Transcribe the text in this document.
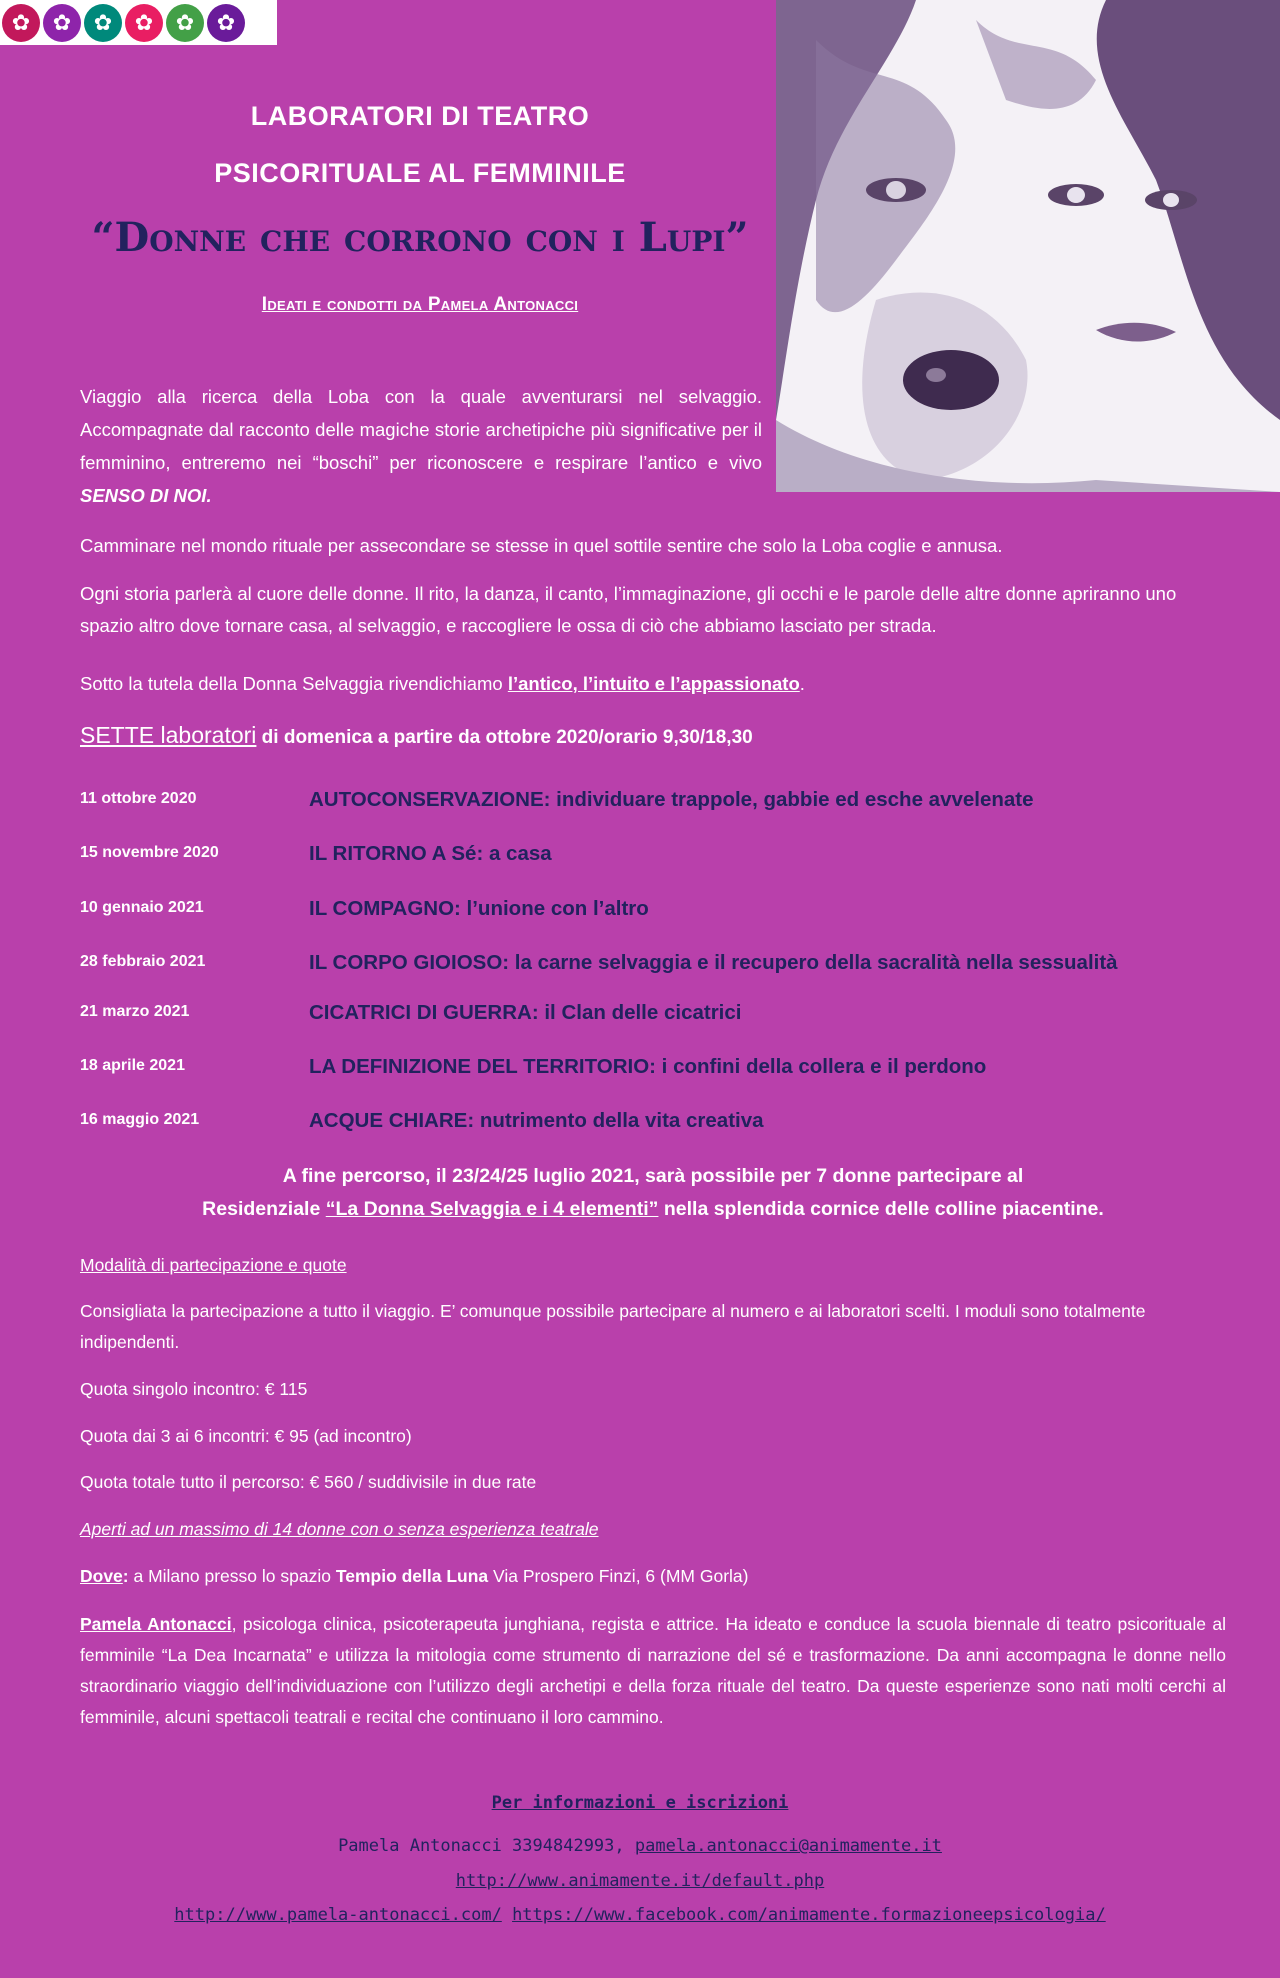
✿	✿	✿	✿	✿	✿
LABORATORI DI TEATRO
PSICORITUALE AL FEMMINILE
“Donne che corrono con i Lupi”
Ideati e condotti da Pamela Antonacci
Viaggio alla ricerca della Loba con la quale avventurarsi nel selvaggio. Accompagnate dal racconto delle magiche storie archetipiche più significative per il femminino, entreremo nei “boschi” per riconoscere e respirare l’antico e vivo SENSO DI NOI.
Camminare nel mondo rituale per assecondare se stesse in quel sottile sentire che solo la Loba coglie e annusa.
Ogni storia parlerà al cuore delle donne. Il rito, la danza, il canto, l’immaginazione, gli occhi e le parole delle altre donne apriranno uno spazio altro dove tornare casa, al selvaggio, e raccogliere le ossa di ciò che abbiamo lasciato per strada.
Sotto la tutela della Donna Selvaggia rivendichiamo l’antico, l’intuito e l’appassionato.
SETTE laboratori di domenica a partire da ottobre 2020/orario 9,30/18,30
11 ottobre 2020	AUTOCONSERVAZIONE: individuare trappole, gabbie ed esche avvelenate
15 novembre 2020	IL RITORNO A Sé: a casa
10 gennaio 2021	IL COMPAGNO: l’unione con l’altro
28 febbraio 2021	IL CORPO GIOIOSO: la carne selvaggia e il recupero della sacralità nella sessualità
21 marzo 2021	CICATRICI DI GUERRA: il Clan delle cicatrici
18 aprile 2021	LA DEFINIZIONE DEL TERRITORIO: i confini della collera e il perdono
16 maggio 2021	ACQUE CHIARE: nutrimento della vita creativa
A fine percorso, il 23/24/25 luglio 2021, sarà possibile per 7 donne partecipare al
Residenziale “La Donna Selvaggia e i 4 elementi” nella splendida cornice delle colline piacentine.
Modalità di partecipazione e quote
Consigliata la partecipazione a tutto il viaggio. E’ comunque possibile partecipare al numero e ai laboratori scelti. I moduli sono totalmente indipendenti.
Quota singolo incontro: € 115
Quota dai 3 ai 6 incontri: € 95 (ad incontro)
Quota totale tutto il percorso: € 560 / suddivisile in due rate
Aperti ad un massimo di 14 donne con o senza esperienza teatrale
Dove: a Milano presso lo spazio Tempio della Luna Via Prospero Finzi, 6 (MM Gorla)
Pamela Antonacci, psicologa clinica, psicoterapeuta junghiana, regista e attrice. Ha ideato e conduce la scuola biennale di teatro psicorituale al femminile “La Dea Incarnata” e utilizza la mitologia come strumento di narrazione del sé e trasformazione. Da anni accompagna le donne nello straordinario viaggio dell’individuazione con l’utilizzo degli archetipi e della forza rituale del teatro. Da queste esperienze sono nati molti cerchi al femminile, alcuni spettacoli teatrali e recital che continuano il loro cammino.
Per informazioni e iscrizioni
Pamela Antonacci 3394842993, pamela.antonacci@animamente.it
http://www.animamente.it/default.php
http://www.pamela-antonacci.com/ https://www.facebook.com/animamente.formazioneepsicologia/
